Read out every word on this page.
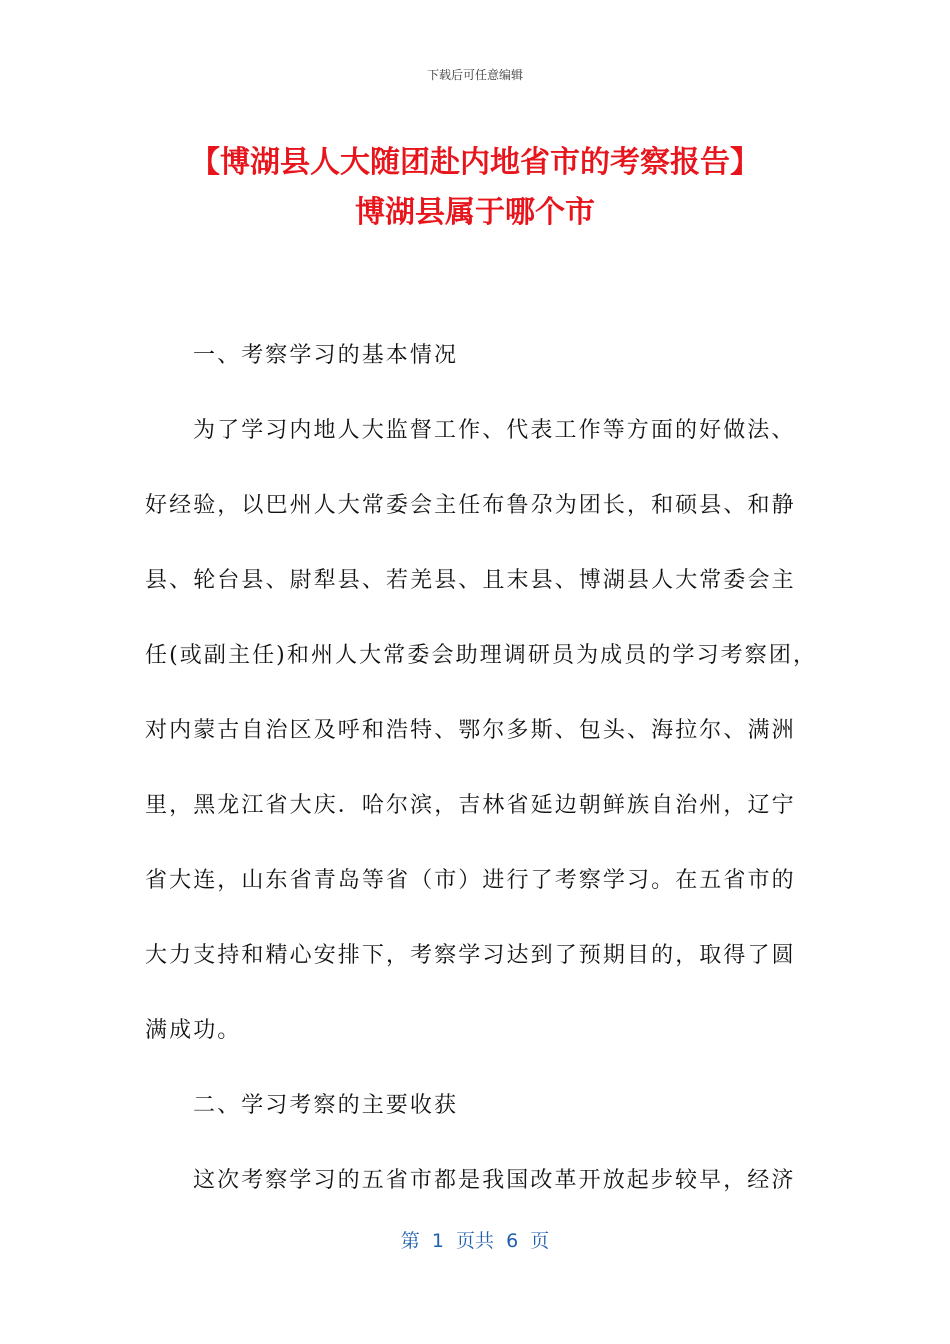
下载后可任意编辑
【博湖县人大随团赴内地省市的考察报告】
博湖县属于哪个市
一、考察学习的基本情况
为了学习内地人大监督工作、代表工作等方面的好做法、
好经验，以巴州人大常委会主任布鲁尕为团长，和硕县、和静
县、轮台县、尉犁县、若羌县、且末县、博湖县人大常委会主
任(或副主任)和州人大常委会助理调研员为成员的学习考察团，
对内蒙古自治区及呼和浩特、鄂尔多斯、包头、海拉尔、满洲
里，黑龙江省大庆．哈尔滨，吉林省延边朝鲜族自治州，辽宁
省大连，山东省青岛等省（市）进行了考察学习。在五省市的
大力支持和精心安排下，考察学习达到了预期目的，取得了圆
满成功。
二、学习考察的主要收获
这次考察学习的五省市都是我国改革开放起步较早，经济
第  1  页共  6  页
